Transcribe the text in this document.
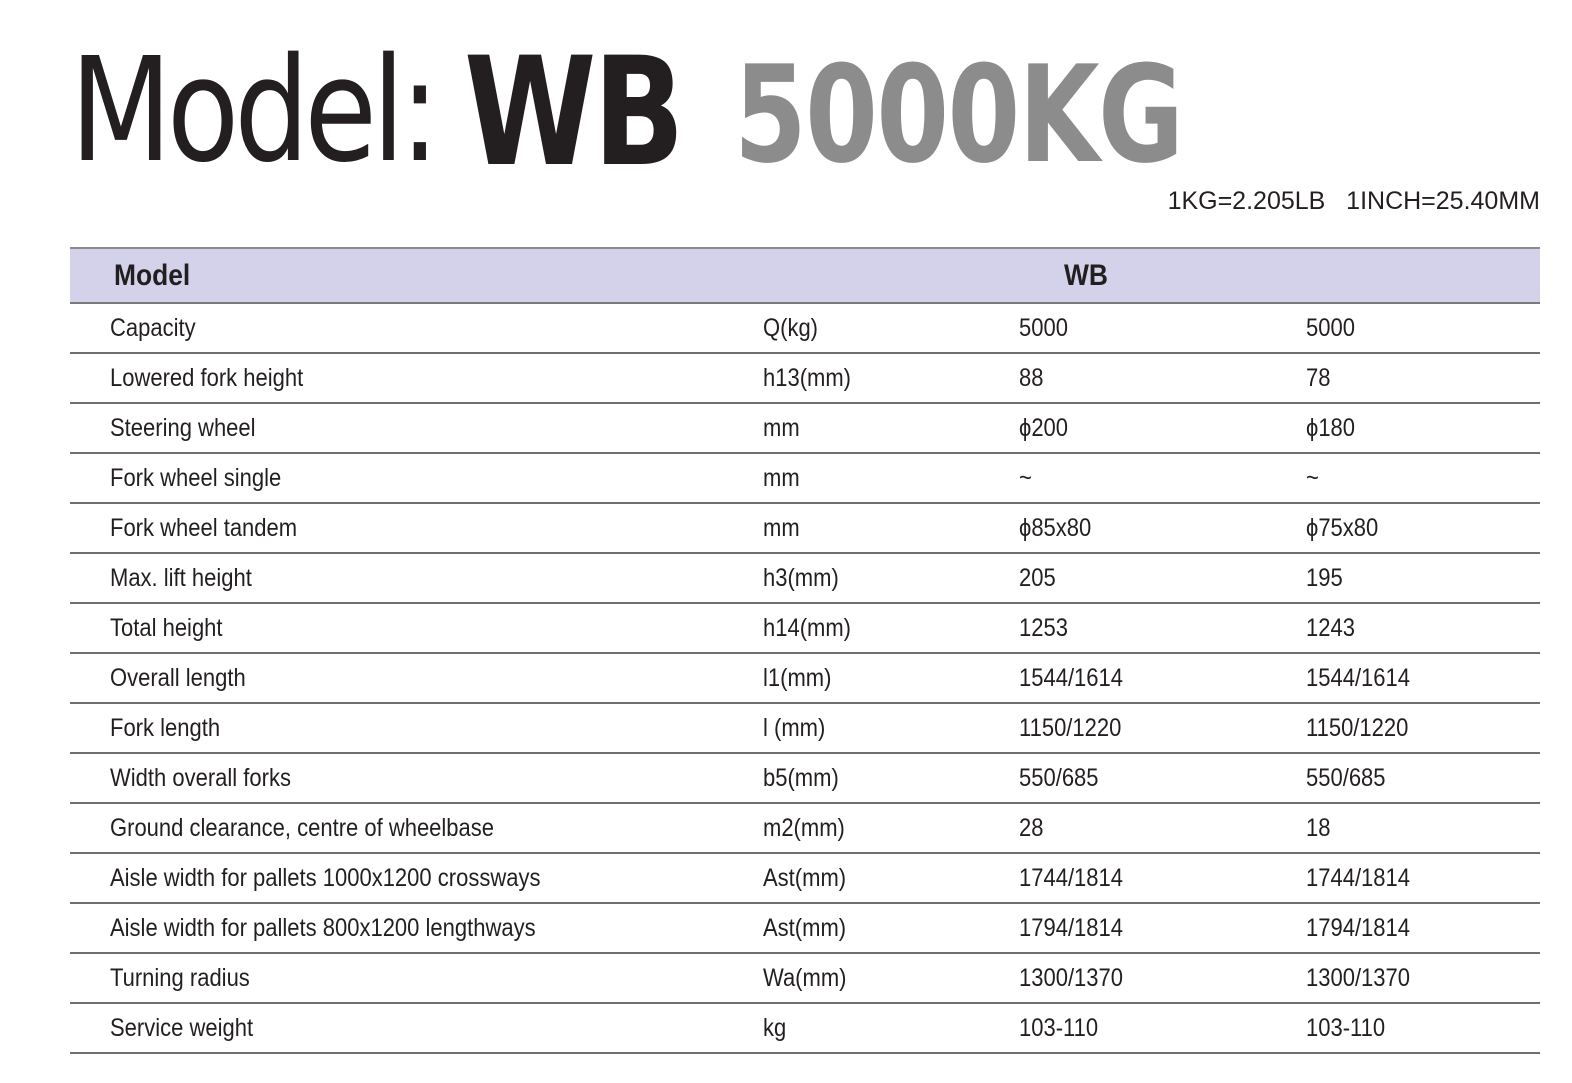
Model: WB 5000KG
1KG=2.205LB   1INCH=25.40MM
Model	WB		
Capacity	Q(kg)	5000	5000
Lowered fork height	h13(mm)	88	78
Steering wheel	mm	ϕ200	ϕ180
Fork wheel single	mm	~	~
Fork wheel tandem	mm	ϕ85x80	ϕ75x80
Max. lift height	h3(mm)	205	195
Total height	h14(mm)	1253	1243
Overall length	l1(mm)	1544/1614	1544/1614
Fork length	l (mm)	1150/1220	1150/1220
Width overall forks	b5(mm)	550/685	550/685
Ground clearance, centre of wheelbase	m2(mm)	28	18
Aisle width for pallets 1000x1200 crossways	Ast(mm)	1744/1814	1744/1814
Aisle width for pallets 800x1200 lengthways	Ast(mm)	1794/1814	1794/1814
Turning radius	Wa(mm)	1300/1370	1300/1370
Service weight	kg	103-110	103-110
